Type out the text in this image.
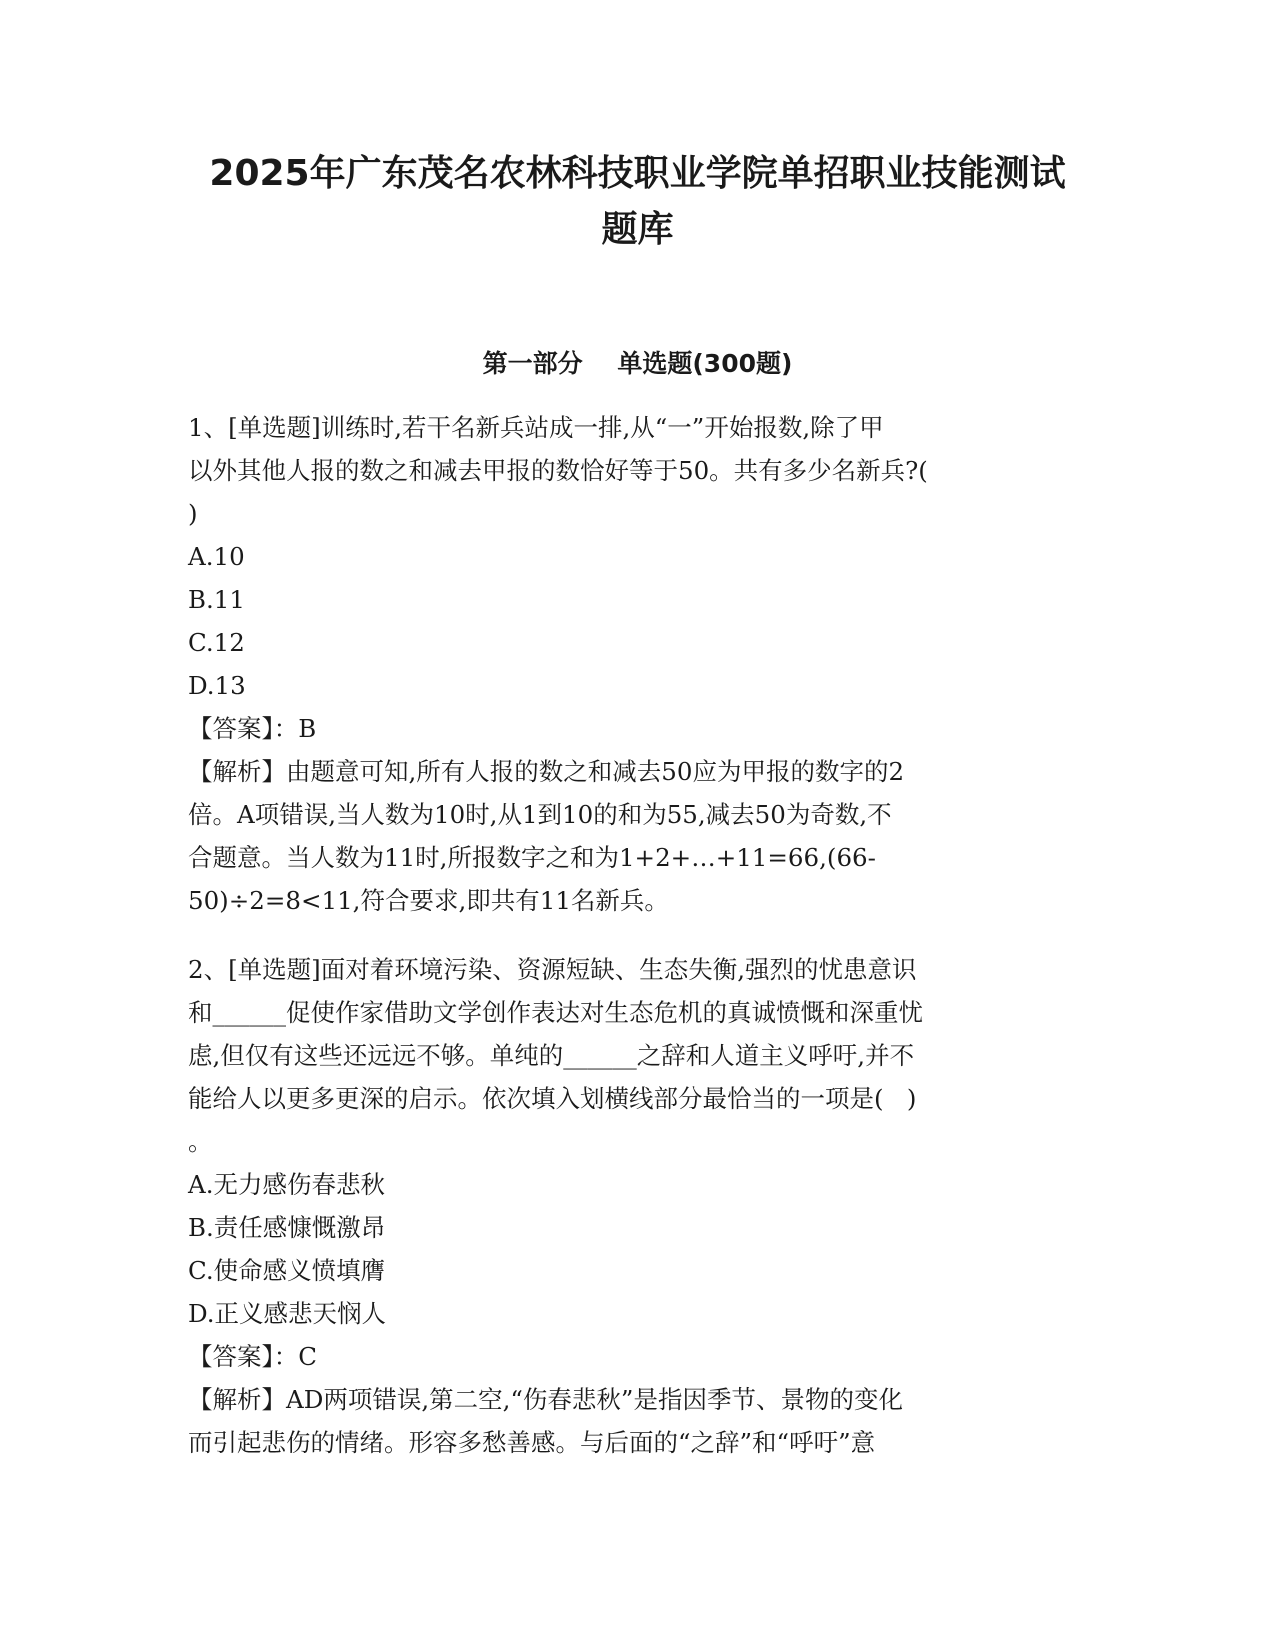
2025年广东茂名农林科技职业学院单招职业技能测试
题库
第一部分    单选题(300题)
1、[单选题]训练时,若干名新兵站成一排,从“一”开始报数,除了甲
以外其他人报的数之和减去甲报的数恰好等于50。共有多少名新兵?(
)
A.10
B.11
C.12
D.13
【答案】：B
【解析】由题意可知,所有人报的数之和减去50应为甲报的数字的2
倍。A项错误,当人数为10时,从1到10的和为55,减去50为奇数,不
合题意。当人数为11时,所报数字之和为1+2+…+11=66,(66-
50)÷2=8<11,符合要求,即共有11名新兵。
2、[单选题]面对着环境污染、资源短缺、生态失衡,强烈的忧患意识
和______促使作家借助文学创作表达对生态危机的真诚愤慨和深重忧
虑,但仅有这些还远远不够。单纯的______之辞和人道主义呼吁,并不
能给人以更多更深的启示。依次填入划横线部分最恰当的一项是(   )
。
A.无力感伤春悲秋
B.责任感慷慨激昂
C.使命感义愤填膺
D.正义感悲天悯人
【答案】：C
【解析】AD两项错误,第二空,“伤春悲秋”是指因季节、景物的变化
而引起悲伤的情绪。形容多愁善感。与后面的“之辞”和“呼吁”意
